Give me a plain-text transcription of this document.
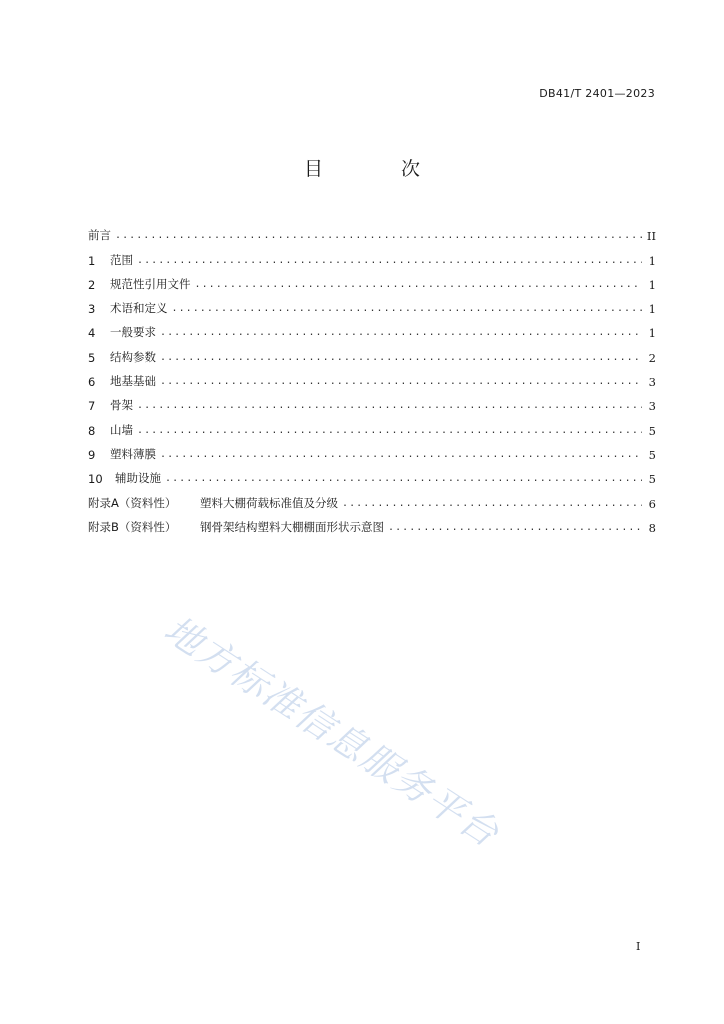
DB41/T 2401—2023
目 次
前言 .....	II
1	范围 .....	1
2	规范性引用文件 .....	1
3	术语和定义 .....	1
4	一般要求 .....	1
5	结构参数 .....	2
6	地基基础 .....	3
7	骨架 .....	3
8	山墙 .....	5
9	塑料薄膜 .....	5
10	辅助设施 .....	5
附录A（资料性）	塑料大棚荷载标准值及分级 .....	6
附录B（资料性）	钢骨架结构塑料大棚棚面形状示意图 .....	8
地方标准信息服务平台
I
